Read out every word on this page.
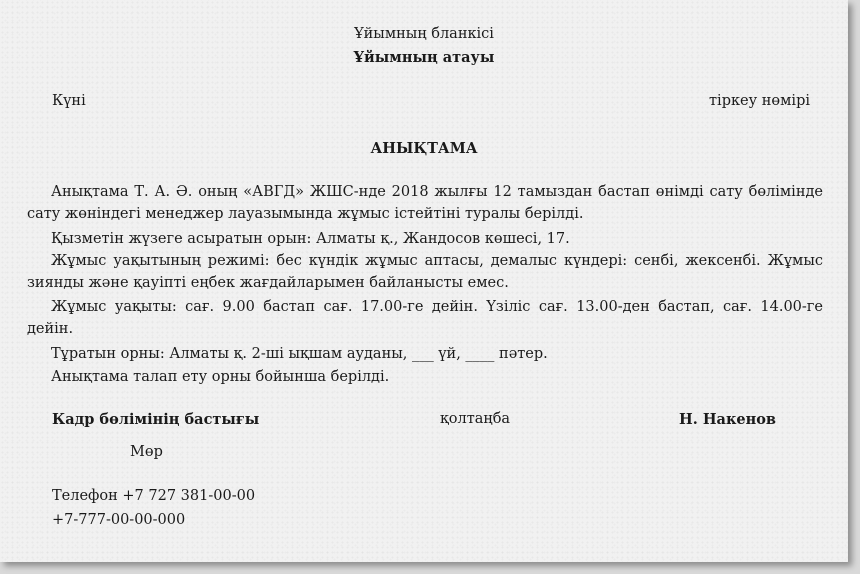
Ұйымның бланкісі
Ұйымның атауы
Күні	тіркеу нөмірі
АНЫҚТАМА
Анықтама Т. А. Ә. оның «АВГД» ЖШС-нде 2018 жылғы 12 тамыздан бастап өнімді сату бөлімінде сату жөніндегі менеджер лауазымында жұмыс істейтіні туралы берілді.
Қызметін жүзеге асыратын орын: Алматы қ., Жандосов көшесі, 17.
Жұмыс уақытының режимі: бес күндік жұмыс аптасы, демалыс күндері: сенбі, жексенбі. Жұмыс зиянды және қауіпті еңбек жағдайларымен байланысты емес.
Жұмыс уақыты: сағ. 9.00 бастап сағ. 17.00-ге дейін. Үзіліс сағ. 13.00-ден бастап, сағ. 14.00-ге дейін.
Тұратын орны: Алматы қ. 2-ші ықшам ауданы, ___ үй, ____ пәтер.
Анықтама талап ету орны бойынша берілді.
Кадр бөлімінің бастығы	қолтаңба	Н. Накенов
Мөр
Телефон +7 727 381-00-00
+7-777-00-00-000
